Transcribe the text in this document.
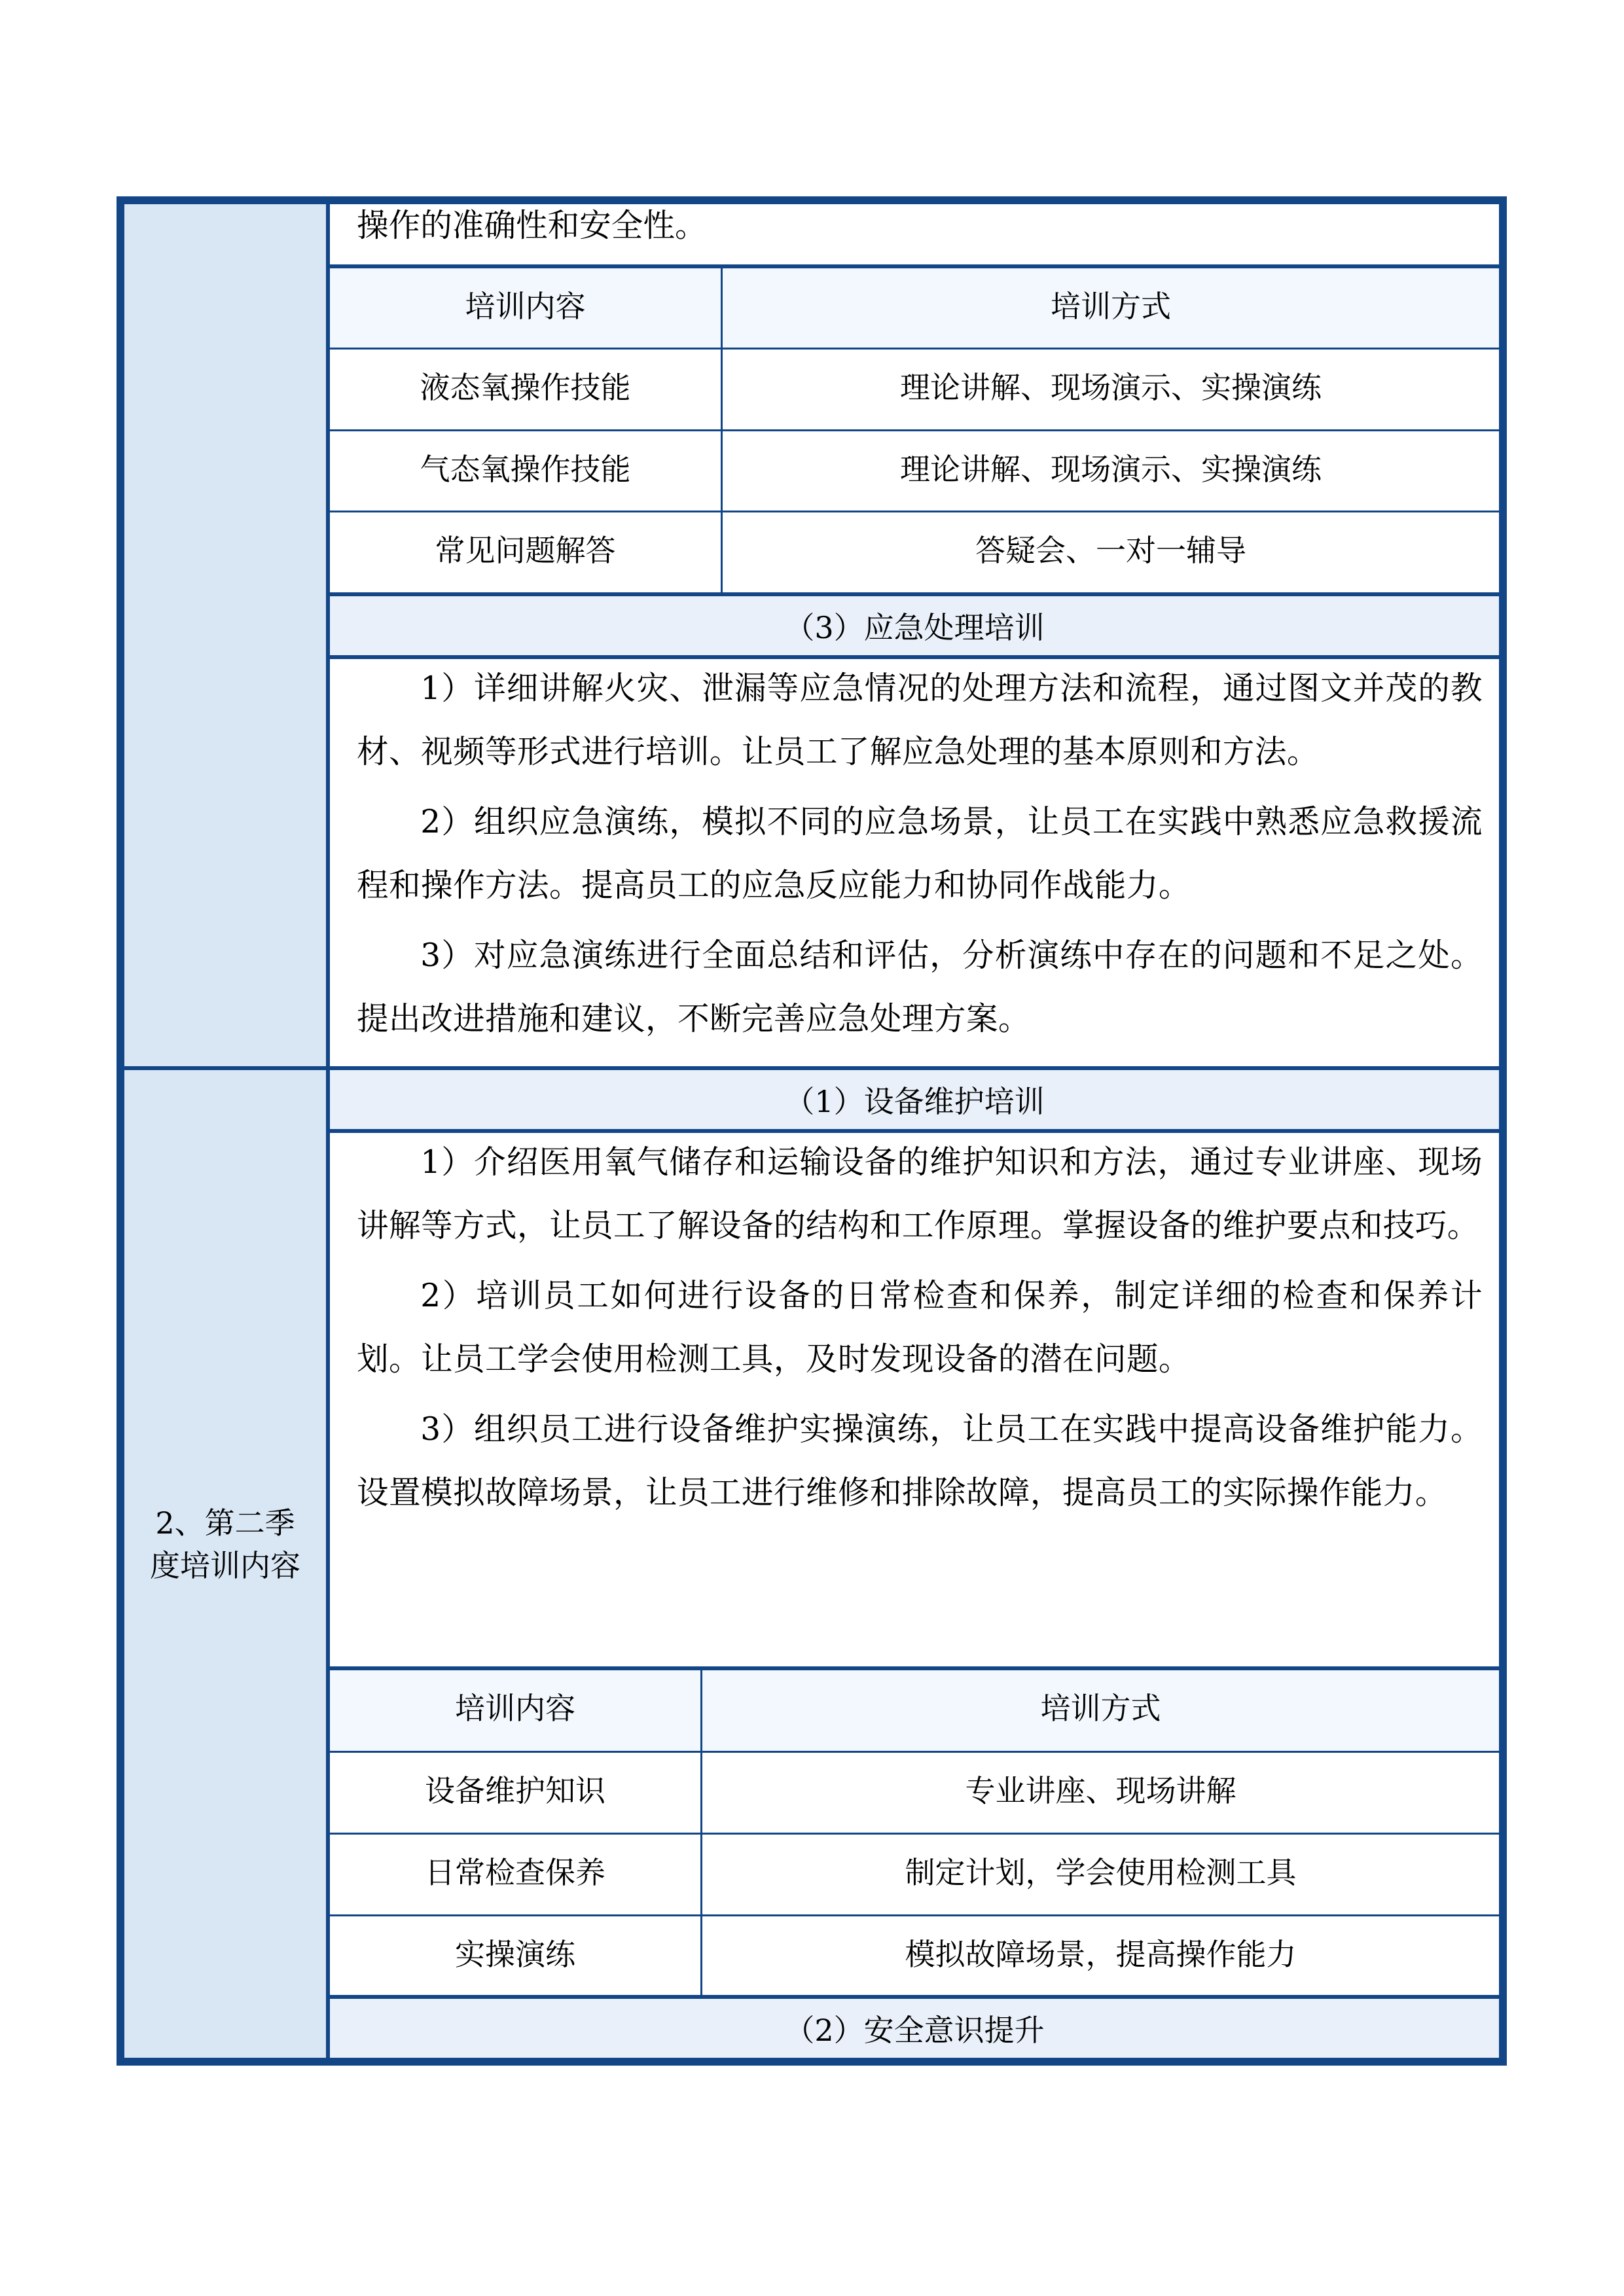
2、第二季度培训内容
操作的准确性和安全性。
培训内容	培训方式
液态氧操作技能	理论讲解、现场演示、实操演练
气态氧操作技能	理论讲解、现场演示、实操演练
常见问题解答	答疑会、一对一辅导
（3）应急处理培训

1）详细讲解火灾、泄漏等应急情况的处理方法和流程，通过图文并茂的教材、视频等形式进行培训。让员工了解应急处理的基本原则和方法。

2）组织应急演练，模拟不同的应急场景，让员工在实践中熟悉应急救援流程和操作方法。提高员工的应急反应能力和协同作战能力。

3）对应急演练进行全面总结和评估，分析演练中存在的问题和不足之处。提出改进措施和建议，不断完善应急处理方案。

（1）设备维护培训

1）介绍医用氧气储存和运输设备的维护知识和方法，通过专业讲座、现场讲解等方式，让员工了解设备的结构和工作原理。掌握设备的维护要点和技巧。

2）培训员工如何进行设备的日常检查和保养，制定详细的检查和保养计划。让员工学会使用检测工具，及时发现设备的潜在问题。

3）组织员工进行设备维护实操演练，让员工在实践中提高设备维护能力。设置模拟故障场景，让员工进行维修和排除故障，提高员工的实际操作能力。

培训内容	培训方式
设备维护知识	专业讲座、现场讲解
日常检查保养	制定计划，学会使用检测工具
实操演练	模拟故障场景，提高操作能力
（2）安全意识提升
